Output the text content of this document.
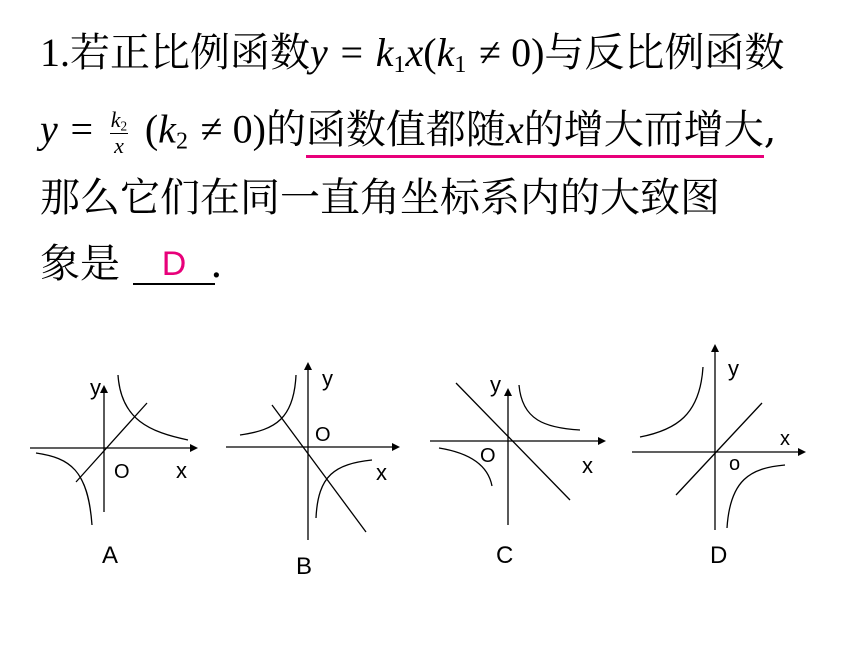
1.若正比例函数$y = k_1x(k_1 \ne 0)$与反比例函数
$y = \frac{k_2}{x} (k_2 \ne 0)$的函数值都随x的增大而增大,
那么它们在同一直角坐标系内的大致图
象是 .
D
y
O x
A
y
O
x
B
y
O	x
C
y
o
x
D
